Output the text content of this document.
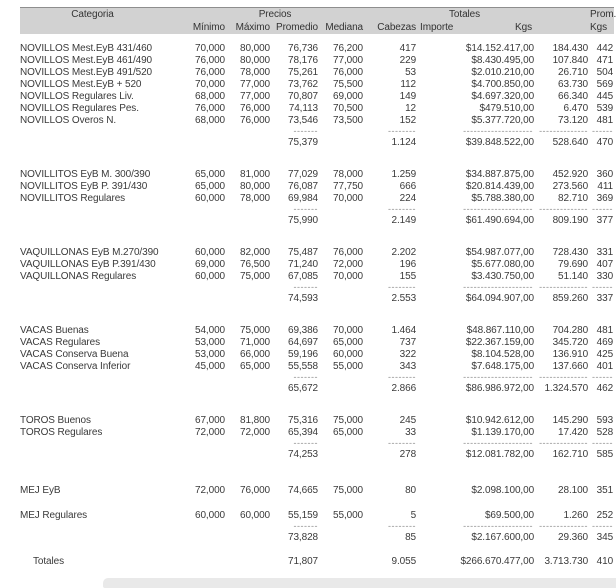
Categoria	Precios					Totales		Prom.
	Mínimo	Máximo	Promedio	Mediana	Cabezas	Importe	Kgs	Kgs

NOVILLOS Mest.EyB 431/460	70,000	80,000	76,736	76,200	417	$14.152.417,00	184.430	442
NOVILLOS Mest.EyB 461/490	76,000	80,000	78,176	77,000	229	$8.430.495,00	107.840	471
NOVILLOS Mest.EyB 491/520	76,000	78,000	75,261	76,000	53	$2.010.210,00	26.710	504
NOVILLOS Mest.EyB + 520	70,000	77,000	73,762	75,500	112	$4.700.850,00	63.730	569
NOVILLOS Regulares Liv.	68,000	77,000	70,807	69,000	149	$4.697.320,00	66.340	445
NOVILLOS Regulares Pes.	76,000	76,000	74,113	70,500	12	$479.510,00	6.470	539
NOVILLOS Overos N.	68,000	76,000	73,546	73,500	152	$5.377.720,00	73.120	481
			-------		--------	--------------------	--------------	------
			75,379		1.124	$39.848.522,00	528.640	470

NOVILLITOS EyB M. 300/390	65,000	81,000	77,029	78,000	1.259	$34.887.875,00	452.920	360
NOVILLITOS EyB P. 391/430	65,000	80,000	76,087	77,750	666	$20.814.439,00	273.560	411
NOVILLITOS Regulares	60,000	78,000	69,984	70,000	224	$5.788.380,00	82.710	369
			-------		--------	--------------------	--------------	------
			75,990		2.149	$61.490.694,00	809.190	377

VAQUILLONAS EyB M.270/390	60,000	82,000	75,487	76,000	2.202	$54.987.077,00	728.430	331
VAQUILLONAS EyB P.391/430	69,000	76,500	71,240	72,000	196	$5.677.080,00	79.690	407
VAQUILLONAS Regulares	60,000	75,000	67,085	70,000	155	$3.430.750,00	51.140	330
			-------		--------	--------------------	--------------	------
			74,593		2.553	$64.094.907,00	859.260	337

VACAS Buenas	54,000	75,000	69,386	70,000	1.464	$48.867.110,00	704.280	481
VACAS Regulares	53,000	71,000	64,697	65,000	737	$22.367.159,00	345.720	469
VACAS Conserva Buena	53,000	66,000	59,196	60,000	322	$8.104.528,00	136.910	425
VACAS Conserva Inferior	45,000	65,000	55,558	55,000	343	$7.648.175,00	137.660	401
			-------		--------	--------------------	--------------	------
			65,672		2.866	$86.986.972,00	1.324.570	462

TOROS Buenos	67,000	81,800	75,316	75,000	245	$10.942.612,00	145.290	593
TOROS Regulares	72,000	72,000	65,394	65,000	33	$1.139.170,00	17.420	528
			-------		--------	--------------------	--------------	------
			74,253		278	$12.081.782,00	162.710	585

MEJ EyB	72,000	76,000	74,665	75,000	80	$2.098.100,00	28.100	351

MEJ Regulares	60,000	60,000	55,159	55,000	5	$69.500,00	1.260	252
			-------		--------	--------------------	--------------	------
			73,828		85	$2.167.600,00	29.360	345

Totales			71,807		9.055	$266.670.477,00	3.713.730	410
